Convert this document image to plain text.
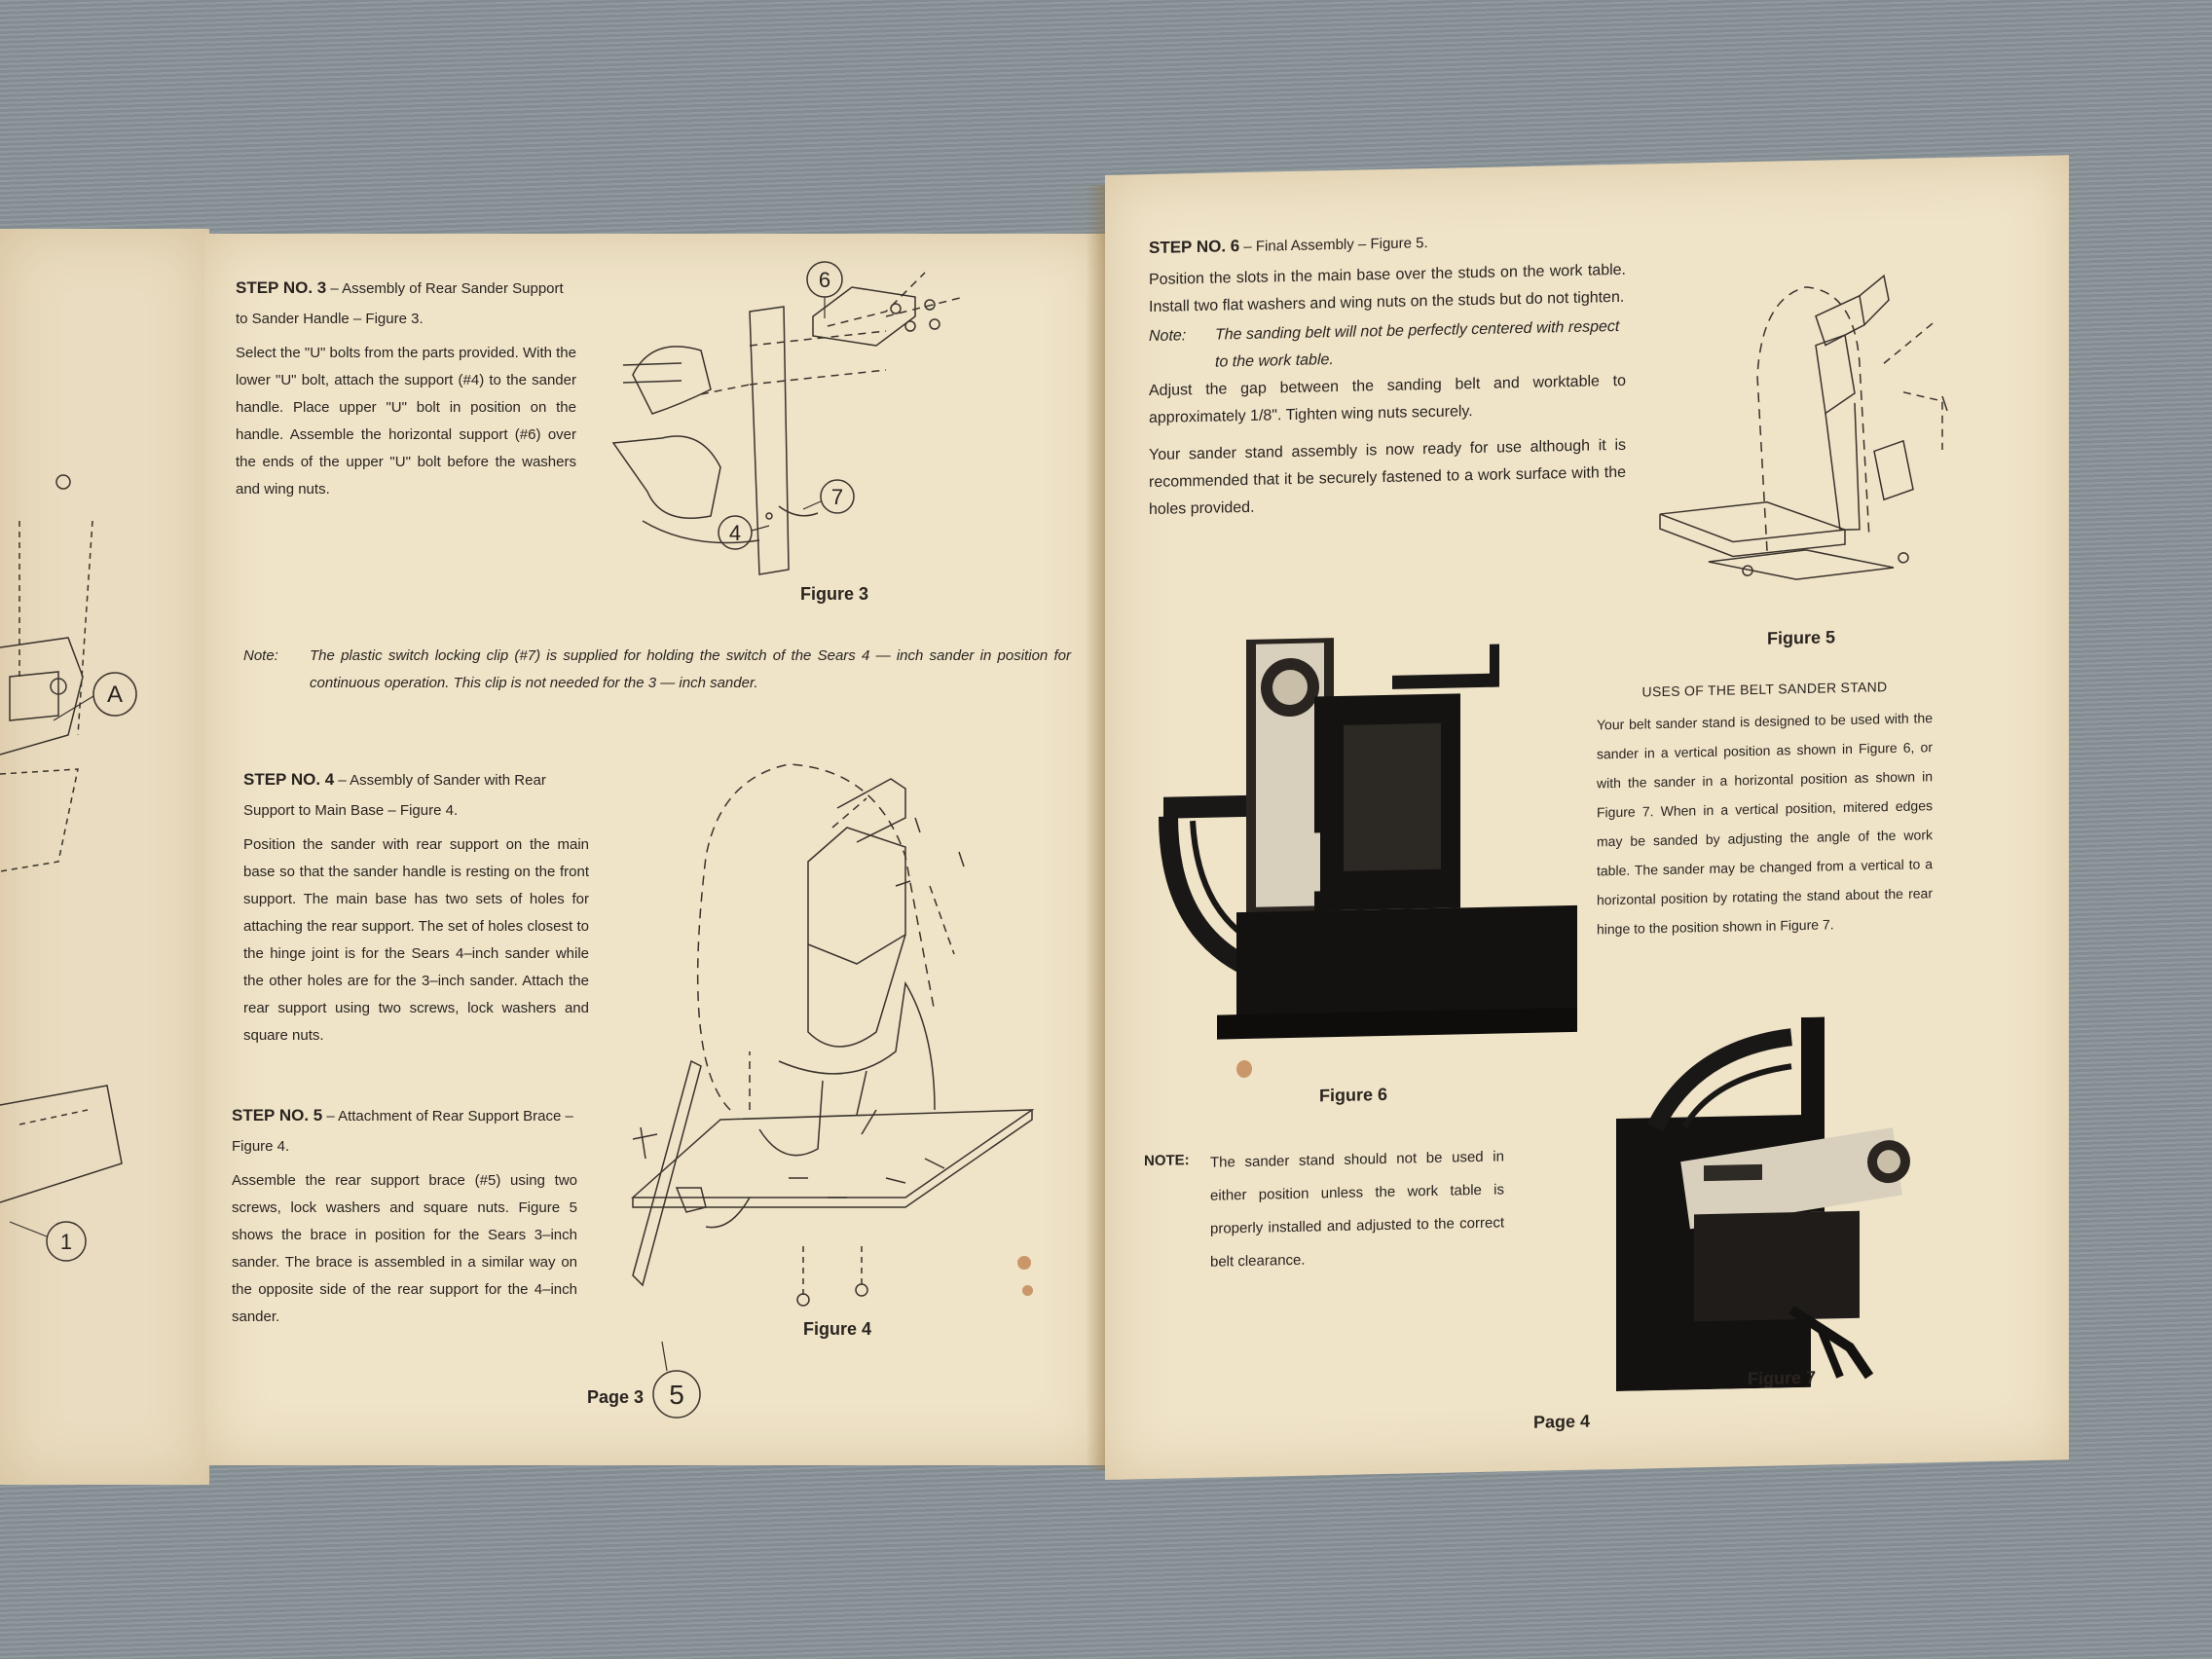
A
1
STEP NO. 3 – Assembly of Rear Sander Support to Sander Handle – Figure 3.
Select the "U" bolts from the parts provided. With the lower "U" bolt, attach the support (#4) to the sander handle. Place upper "U" bolt in position on the handle. Assemble the horizontal support (#6) over the ends of the upper "U" bolt before the washers and wing nuts.
6
4
7
Figure 3
Note:	The plastic switch locking clip (#7) is supplied for holding the switch of the Sears 4 — inch sander in position for continuous operation. This clip is not needed for the 3 — inch sander.
STEP NO. 4 – Assembly of Sander with Rear Support to Main Base – Figure 4.
Position the sander with rear support on the main base so that the sander handle is resting on the front support. The main base has two sets of holes for attaching the rear support. The set of holes closest to the hinge joint is for the Sears 4–inch sander while the other holes are for the 3–inch sander. Attach the rear support using two screws, lock washers and square nuts.
STEP NO. 5 – Attachment of Rear Support Brace – Figure 4.
Assemble the rear support brace (#5) using two screws, lock washers and square nuts. Figure 5 shows the brace in position for the Sears 3–inch sander. The brace is assembled in a similar way on the opposite side of the rear support for the 4–inch sander.
5
Figure 4
Page 3
STEP NO. 6 – Final Assembly – Figure 5.
Position the slots in the main base over the studs on the work table. Install two flat washers and wing nuts on the studs but do not tighten.
Note:	The sanding belt will not be perfectly centered with respect to the work table.
Adjust the gap between the sanding belt and worktable to approximately 1/8". Tighten wing nuts securely.
Your sander stand assembly is now ready for use although it is recommended that it be securely fastened to a work surface with the holes provided.
Figure 5
Figure 6
USES OF THE BELT SANDER STAND
Your belt sander stand is designed to be used with the sander in a vertical position as shown in Figure 6, or with the sander in a horizontal position as shown in Figure 7. When in a vertical position, mitered edges may be sanded by adjusting the angle of the work table. The sander may be changed from a vertical to a horizontal position by rotating the stand about the rear hinge to the position shown in Figure 7.
NOTE:	The sander stand should not be used in either position unless the work table is properly installed and adjusted to the correct belt clearance.
Figure 7
Page 4
